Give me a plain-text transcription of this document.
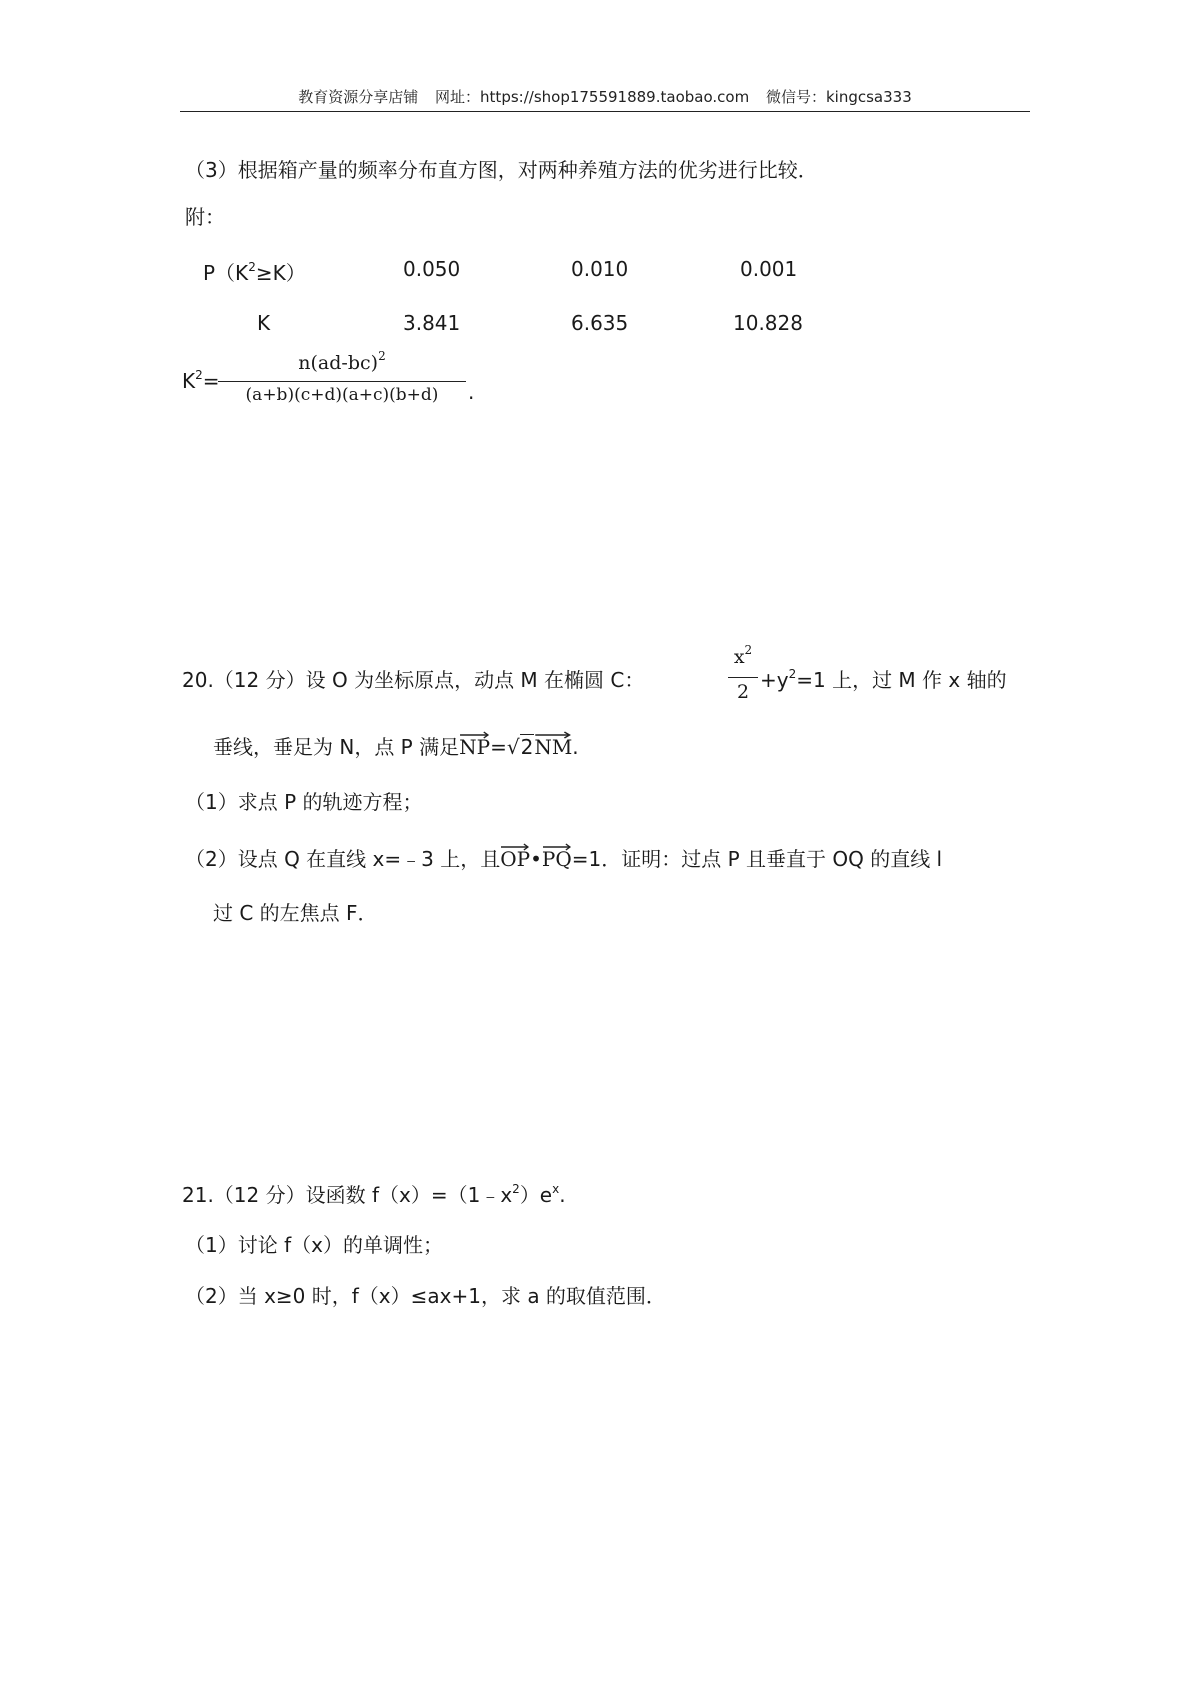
教育资源分享店铺 网址：https://shop175591889.taobao.com 微信号：kingcsa333
（3）根据箱产量的频率分布直方图，对两种养殖方法的优劣进行比较．
附：
$P(K^2\ge K)$	0.050	0.010	0.001
K	3.841	6.635	10.828
$K^2=$
$n(ad-bc)^2$
(a+b)(c+d)(a+c)(b+d)	.
20.（12 分）设 O 为坐标原点，动点 M 在椭圆 C：
$x^2$
$2 +y^2=1$ 上，过 M 作 x 轴的
垂线，垂足为 N，点 P 满足
NP=√2
NM.
（1）求点 P 的轨迹方程；
（2）设点 Q 在直线 x=﹣3 上，且
OP•
PQ=1．证明：过点 P 且垂直于 OQ 的直线 l
过 C 的左焦点 F．
21.（12 分）设函数 $f(x)=(1﹣x^2)e^x$.
（1）讨论 f（x）的单调性；
（2）当 x≥0 时，f（x）≤ax+1，求 a 的取值范围．
